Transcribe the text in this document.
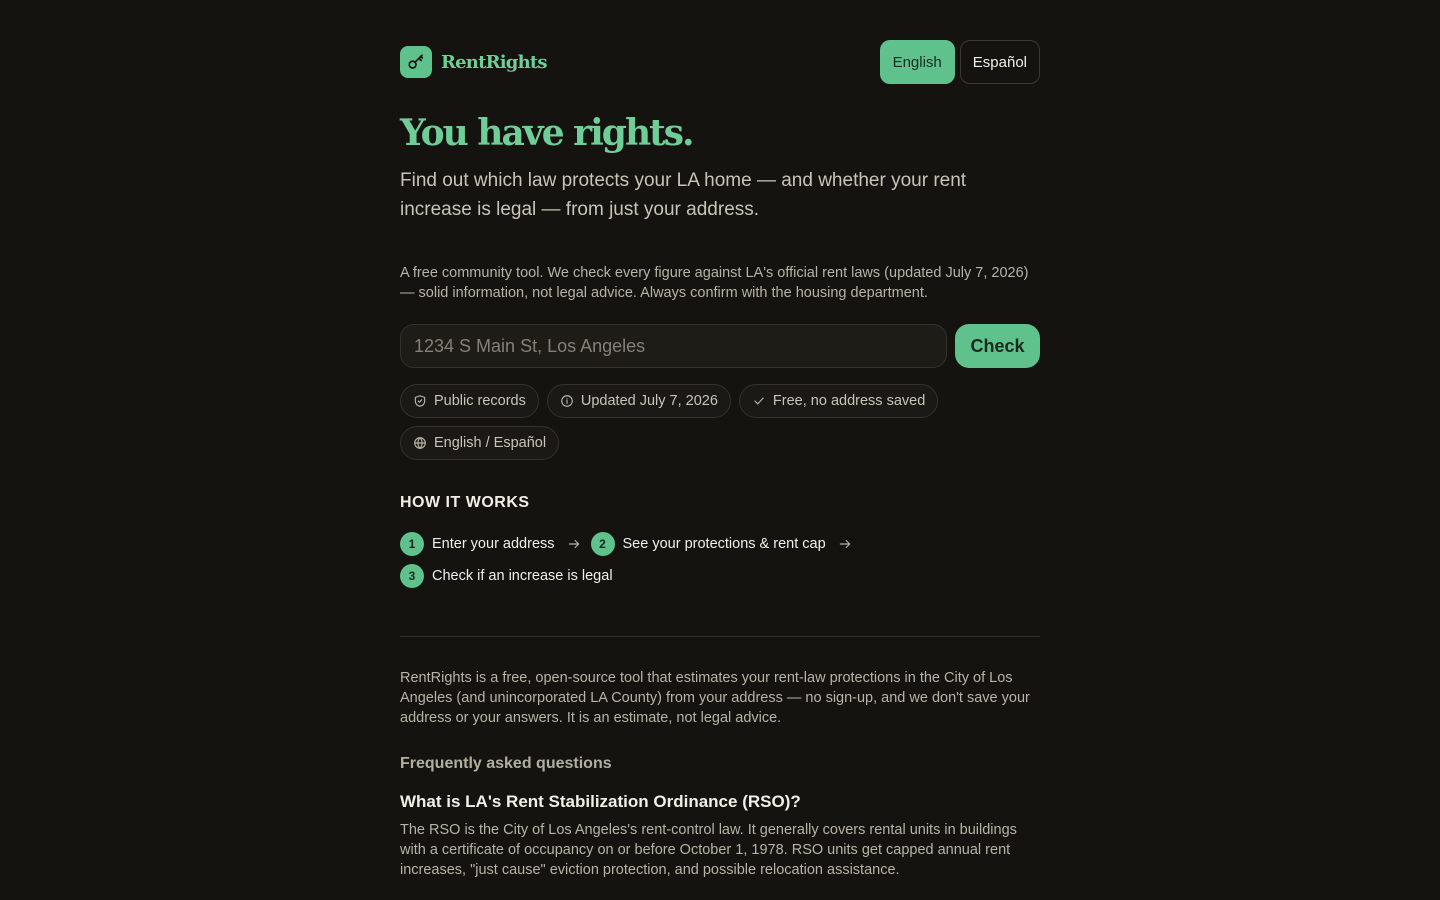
RentRights	English	Español
You have rights.

Find out which law protects your LA home — and whether your rent increase is legal — from just your address.

A free community tool. We check every figure against LA's official rent laws (updated July 7, 2026) — solid information, not legal advice. Always confirm with the housing department.

1234 S Main St, Los Angeles
Check
Public records	Updated July 7, 2026	Free, no address saved
English / Español
HOW IT WORKS
1	Enter your address	2	See your protections & rent cap
3	Check if an increase is legal

RentRights is a free, open-source tool that estimates your rent-law protections in the City of Los Angeles (and unincorporated LA County) from your address — no sign-up, and we don't save your address or your answers. It is an estimate, not legal advice.

Frequently asked questions
What is LA's Rent Stabilization Ordinance (RSO)?

The RSO is the City of Los Angeles's rent-control law. It generally covers rental units in buildings with a certificate of occupancy on or before October 1, 1978. RSO units get capped annual rent increases, "just cause" eviction protection, and possible relocation assistance.
